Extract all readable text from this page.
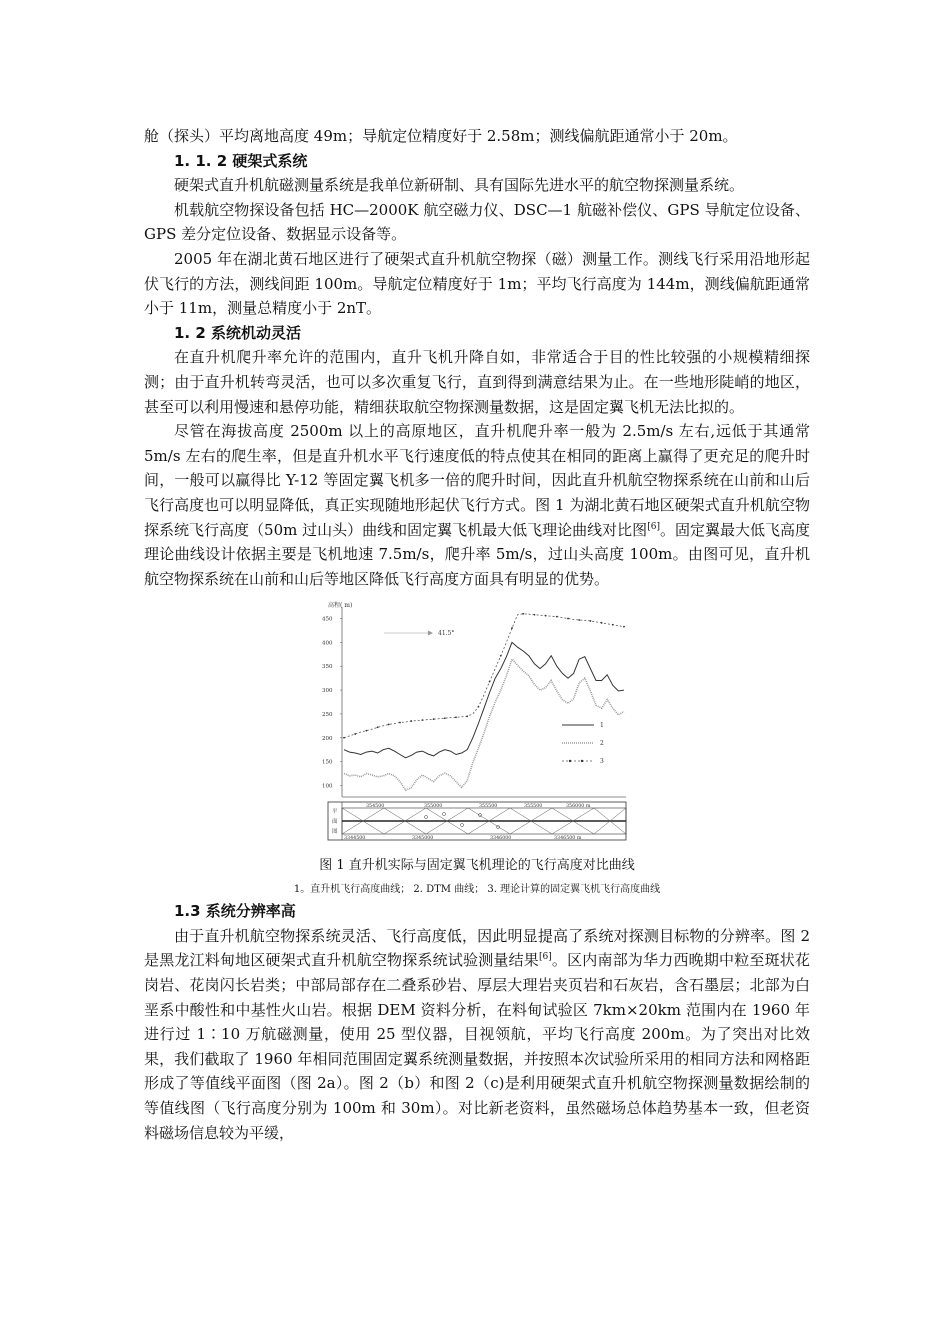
舱（探头）平均离地高度 49m；导航定位精度好于 2.58m；测线偏航距通常小于 20m。

1. 1. 2 硬架式系统

硬架式直升机航磁测量系统是我单位新研制、具有国际先进水平的航空物探测量系统。

机载航空物探设备包括 HC—2000K 航空磁力仪、DSC—1 航磁补偿仪、GPS 导航定位设备、GPS 差分定位设备、数据显示设备等。

2005 年在湖北黄石地区进行了硬架式直升机航空物探（磁）测量工作。测线飞行采用沿地形起伏飞行的方法，测线间距 100m。导航定位精度好于 1m；平均飞行高度为 144m，测线偏航距通常小于 11m，测量总精度小于 2nT。

1. 2 系统机动灵活

在直升机爬升率允许的范围内，直升飞机升降自如，非常适合于目的性比较强的小规模精细探测；由于直升机转弯灵活，也可以多次重复飞行，直到得到满意结果为止。在一些地形陡峭的地区，甚至可以利用慢速和悬停功能，精细获取航空物探测量数据，这是固定翼飞机无法比拟的。

尽管在海拔高度 2500m 以上的高原地区，直升机爬升率一般为 2.5m/s 左右,远低于其通常 5m/s 左右的爬生率，但是直升机水平飞行速度低的特点使其在相同的距离上赢得了更充足的爬升时间，一般可以赢得比 Y-12 等固定翼飞机多一倍的爬升时间，因此直升机航空物探系统在山前和山后飞行高度也可以明显降低，真正实现随地形起伏飞行方式。图 1 为湖北黄石地区硬架式直升机航空物探系统飞行高度（50m 过山头）曲线和固定翼飞机最大低飞理论曲线对比图[6]。固定翼最大低飞高度理论曲线设计依据主要是飞机地速 7.5m/s，爬升率 5m/s，过山头高度 100m。由图可见，直升机航空物探系统在山前和山后等地区降低飞行高度方面具有明显的优势。

高程( m)
450
400
350
300
250
200
150
100
41.5°
1
2
3
平
面
图
354500	355000	355500	355500	356000 m
3344500	3345000	3346000	3346500 m
图 1 直升机实际与固定翼飞机理论的飞行高度对比曲线
1。直升机飞行高度曲线； 2. DTM 曲线； 3. 理论计算的固定翼飞机飞行高度曲线
1.3 系统分辨率高

由于直升机航空物探系统灵活、飞行高度低，因此明显提高了系统对探测目标物的分辨率。图 2 是黑龙江料甸地区硬架式直升机航空物探系统试验测量结果[6]。区内南部为华力西晚期中粒至斑状花岗岩、花岗闪长岩类；中部局部存在二叠系砂岩、厚层大理岩夹页岩和石灰岩，含石墨层；北部为白垩系中酸性和中基性火山岩。根据 DEM 资料分析，在料甸试验区 7km×20km 范围内在 1960 年进行过 1∶10 万航磁测量，使用 25 型仪器，目视领航，平均飞行高度 200m。为了突出对比效果，我们截取了 1960 年相同范围固定翼系统测量数据，并按照本次试验所采用的相同方法和网格距形成了等值线平面图（图 2a）。图 2（b）和图 2（c)是利用硬架式直升机航空物探测量数据绘制的等值线图（飞行高度分别为 100m 和 30m）。对比新老资料，虽然磁场总体趋势基本一致，但老资料磁场信息较为平缓，
